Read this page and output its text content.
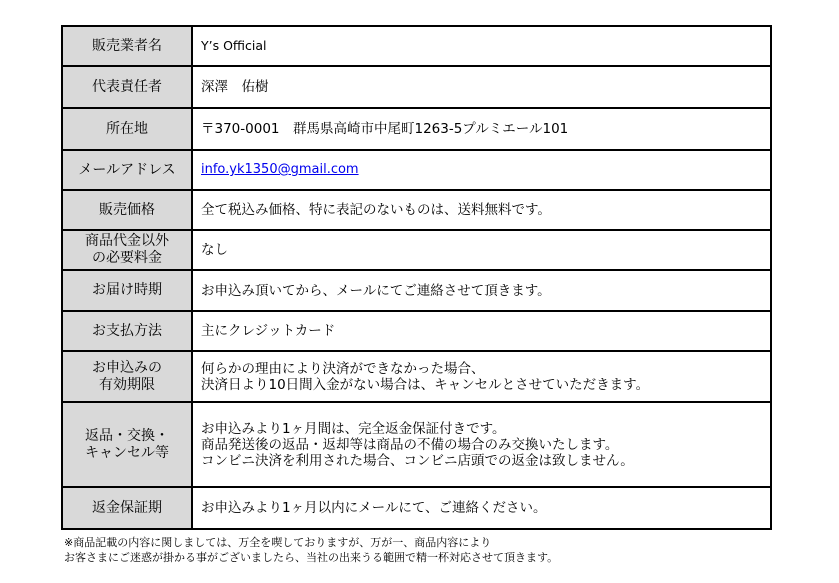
販売業者名	Y’s Official

代表責任者	深澤　佑樹

所在地	〒370-0001　群馬県高崎市中尾町1263-5プルミエール101

メールアドレス	info.yk1350@gmail.com

販売価格	全て税込み価格、特に表記のないものは、送料無料です。

商品代金以外
の必要料金	なし

お届け時期	お申込み頂いてから、メールにてご連絡させて頂きます。

お支払方法	主にクレジットカード

お申込みの
有効期限	何らかの理由により決済ができなかった場合、
決済日より10日間入金がない場合は、キャンセルとさせていただきます。

返品・交換・
キャンセル等	お申込みより1ヶ月間は、完全返金保証付きです。
商品発送後の返品・返却等は商品の不備の場合のみ交換いたします。
コンビニ決済を利用された場合、コンビニ店頭での返金は致しません。

返金保証期	お申込みより1ヶ月以内にメールにて、ご連絡ください。
※商品記載の内容に関しましては、万全を喫しておりますが、万が一、商品内容により
お客さまにご迷惑が掛かる事がございましたら、当社の出来うる範囲で精一杯対応させて頂きます。
